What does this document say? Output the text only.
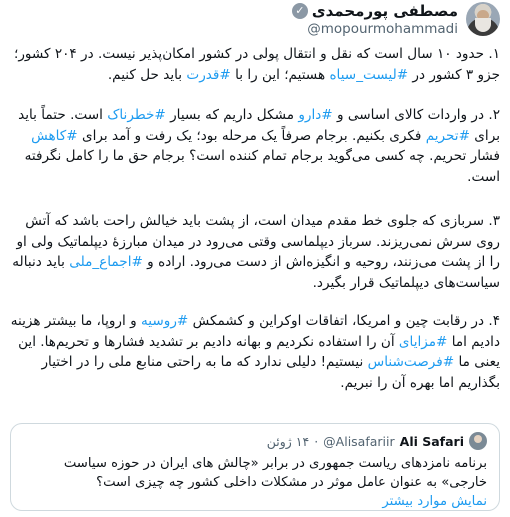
مصطفی پورمحمدی
✓
@mopourmohammadi

۱. حدود ۱۰ سال است که نقل و انتقال پولی در کشور امکان‌پذیر نیست. در ۲۰۴ کشور؛ جزو ۳ کشور در #لیست_سیاه هستیم؛ این را با #قدرت باید حل کنیم.

۲. در واردات کالای اساسی و #دارو مشکل داریم که بسیار #خطرناک است. حتماً باید برای #تحریم فکری بکنیم. برجام صرفاً یک مرحله بود؛ یک رفت و آمد برای #کاهش فشار تحریم. چه کسی می‌گوید برجام تمام کننده است؟ برجام حق ما را کامل نگرفته است.

۳. سربازی که جلوی خط مقدم میدان است، از پشت باید خیالش راحت باشد که آتش روی سرش نمی‌ریزند. سرباز دیپلماسی وقتی می‌رود در میدان مبارزهٔ دیپلماتیک ولی او را از پشت می‌زنند، روحیه و انگیزه‌اش از دست می‌رود. اراده و #اجماع_ملی باید دنباله سیاست‌های دیپلماتیک قرار بگیرد.

۴. در رقابت چین و امریکا، اتفاقات اوکراین و کشمکش #روسیه و اروپا، ما بیشتر هزینه دادیم اما #مزایای آن را استفاده نکردیم و بهانه دادیم بر تشدید فشارها و تحریم‌ها. این یعنی ما #فرصت‌شناس نیستیم! دلیلی ندارد که ما به راحتی منابع ملی را در اختیار بگذاریم اما بهره آن را نبریم.

Ali Safari
@Alisafariir
·
۱۴ ژوئن
برنامه نامزدهای ریاست جمهوری در برابر «چالش های ایران در حوزه سیاست خارجی» به عنوان عامل موثر در مشکلات داخلی کشور چه چیزی است؟
نمایش موارد بیشتر
